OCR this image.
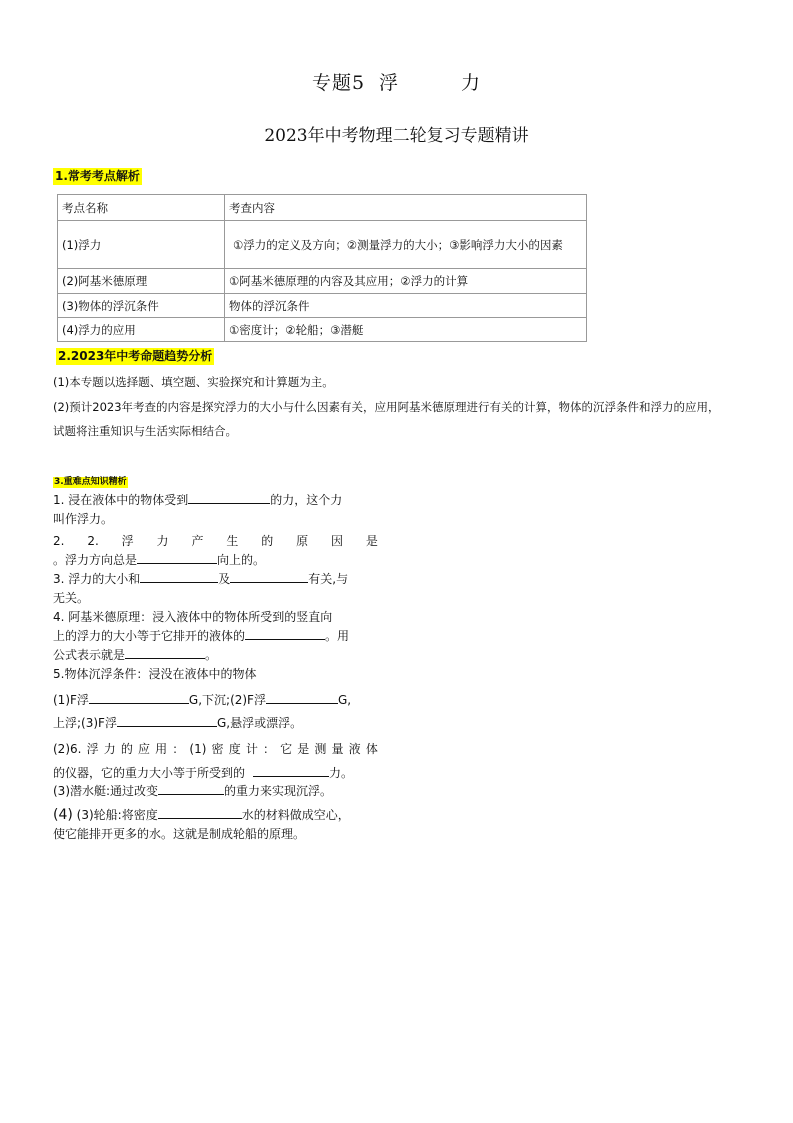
专题5 浮	力
2023年中考物理二轮复习专题精讲
1.常考考点解析
考点名称	考查内容
(1)浮力	①浮力的定义及方向；②测量浮力的大小；③影响浮力大小的因素
(2)阿基米德原理	①阿基米德原理的内容及其应用；②浮力的计算
(3)物体的浮沉条件	物体的浮沉条件
(4)浮力的应用	①密度计；②轮船；③潜艇
2.2023年中考命题趋势分析
(1)本专题以选择题、填空题、实验探究和计算题为主。
(2)预计2023年考查的内容是探究浮力的大小与什么因素有关，应用阿基米德原理进行有关的计算，物体的沉浮条件和浮力的应用，试题将注重知识与生活实际相结合。
3.重难点知识精析
1. 浸在液体中的物体受到	的力，这个力
叫作浮力。
2. 2. 浮 力 产 生 的 原 因 是
。浮力方向总是	向上的。
3. 浮力的大小和	及	有关,与
无关。
4. 阿基米德原理：浸入液体中的物体所受到的竖直向
上的浮力的大小等于它排开的液体的	。用
公式表示就是	。
5.物体沉浮条件：浸没在液体中的物体
(1)F浮	G,下沉;(2)F浮	G,
上浮;(3)F浮	G,悬浮或漂浮。
(2)6. 浮 力 的 应 用 ： (1) 密 度 计 ： 它 是 测 量 液 体
的仪器，它的重力大小等于所受到的	力。
(3)潜水艇:通过改变	的重力来实现沉浮。
(4) (3)轮船:将密度	水的材料做成空心，
使它能排开更多的水。这就是制成轮船的原理。
